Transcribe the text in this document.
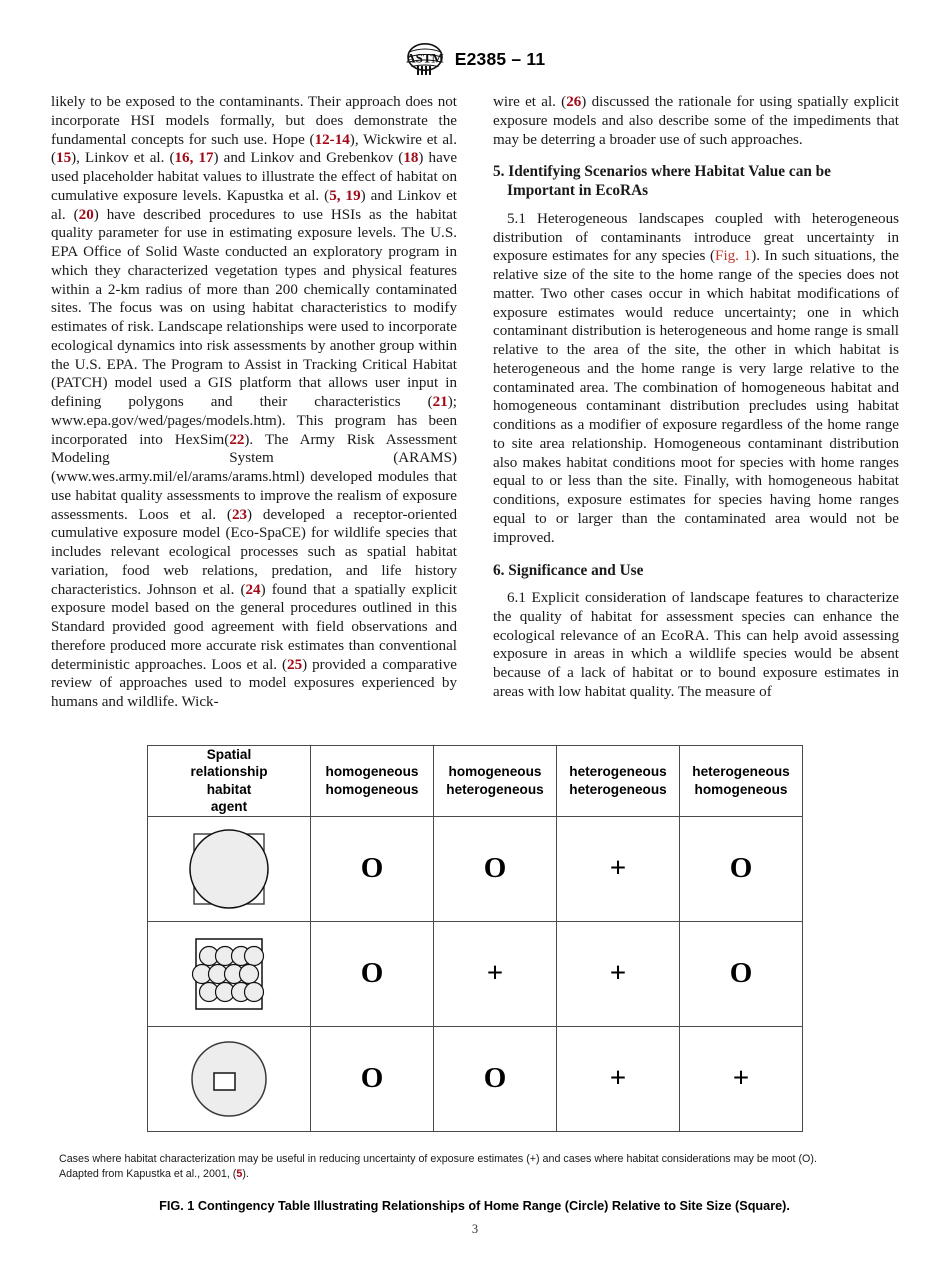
ASTM E2385 – 11

likely to be exposed to the contaminants. Their approach does not incorporate HSI models formally, but does demonstrate the fundamental concepts for such use. Hope (12-14), Wickwire et al. (15), Linkov et al. (16, 17) and Linkov and Grebenkov (18) have used placeholder habitat values to illustrate the effect of habitat on cumulative exposure levels. Kapustka et al. (5, 19) and Linkov et al. (20) have described procedures to use HSIs as the habitat quality parameter for use in estimating exposure levels. The U.S. EPA Office of Solid Waste conducted an exploratory program in which they characterized vegetation types and physical features within a 2-km radius of more than 200 chemically contaminated sites. The focus was on using habitat characteristics to modify estimates of risk. Landscape relationships were used to incorporate ecological dynamics into risk assessments by another group within the U.S. EPA. The Program to Assist in Tracking Critical Habitat (PATCH) model used a GIS platform that allows user input in defining polygons and their characteristics (21); www.epa.gov/wed/pages/models.htm). This program has been incorporated into HexSim(22). The Army Risk Assessment Modeling System (ARAMS) (www.wes.army.mil/el/arams/arams.html) developed modules that use habitat quality assessments to improve the realism of exposure assessments. Loos et al. (23) developed a receptor-oriented cumulative exposure model (Eco-SpaCE) for wildlife species that includes relevant ecological processes such as spatial habitat variation, food web relations, predation, and life history characteristics. Johnson et al. (24) found that a spatially explicit exposure model based on the general procedures outlined in this Standard provided good agreement with field observations and therefore produced more accurate risk estimates than conventional deterministic approaches. Loos et al. (25) provided a comparative review of approaches used to model exposures experienced by humans and wildlife. Wick-

wire et al. (26) discussed the rationale for using spatially explicit exposure models and also describe some of the impediments that may be deterring a broader use of such approaches.

5. Identifying Scenarios where Habitat Value can be Important in EcoRAs

5.1 Heterogeneous landscapes coupled with heterogeneous distribution of contaminants introduce great uncertainty in exposure estimates for any species (Fig. 1). In such situations, the relative size of the site to the home range of the species does not matter. Two other cases occur in which habitat modifications of exposure estimates would reduce uncertainty; one in which contaminant distribution is heterogeneous and home range is small relative to the area of the site, the other in which habitat is heterogeneous and the home range is very large relative to the contaminated area. The combination of homogeneous habitat and homogeneous contaminant distribution precludes using habitat conditions as a modifier of exposure regardless of the home range to site area relationship. Homogeneous contaminant distribution also makes habitat conditions moot for species with home ranges equal to or less than the site. Finally, with homogeneous habitat conditions, exposure estimates for species having home ranges equal to or larger than the contaminated area would not be improved.

6. Significance and Use

6.1 Explicit consideration of landscape features to characterize the quality of habitat for assessment species can enhance the ecological relevance of an EcoRA. This can help avoid assessing exposure in areas in which a wildlife species would be absent because of a lack of habitat or to bound exposure estimates in areas with low habitat quality. The measure of

Spatial
relationship
habitat
agent
	homogeneous
homogeneous
	homogeneous
heterogeneous
	heterogeneous
heterogeneous
	heterogeneous
homogeneous

	O	O	+	O

	O	+	+	O

	O	O	+	+
Cases where habitat characterization may be useful in reducing uncertainty of exposure estimates (+) and cases where habitat considerations may be moot (O). Adapted from Kapustka et al., 2001, (5).
FIG. 1 Contingency Table Illustrating Relationships of Home Range (Circle) Relative to Site Size (Square).
3
